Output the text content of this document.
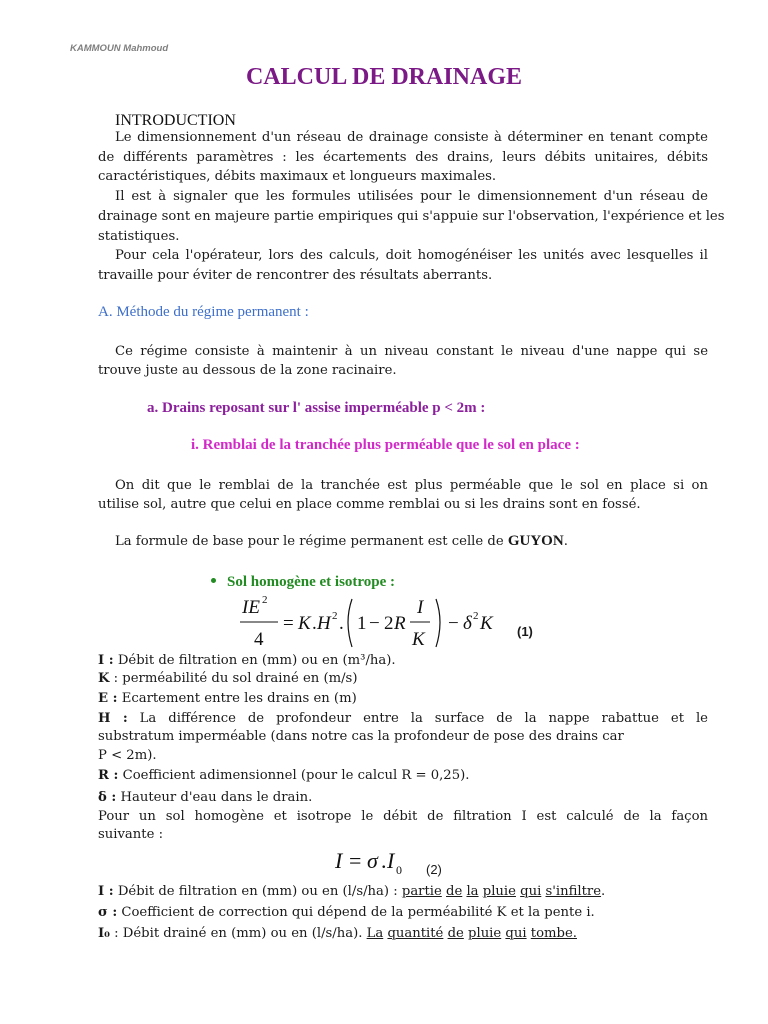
KAMMOUN Mahmoud
CALCUL DE DRAINAGE
INTRODUCTION
Le dimensionnement d'un réseau de drainage consiste à déterminer en tenant compte
de différents paramètres : les écartements des drains, leurs débits unitaires, débits
caractéristiques, débits maximaux et longueurs maximales.
Il est à signaler que les formules utilisées pour le dimensionnement d'un réseau de
drainage sont en majeure partie empiriques qui s'appuie sur l'observation, l'expérience et les
statistiques.
Pour cela l'opérateur, lors des calculs, doit homogénéiser les unités avec lesquelles il
travaille pour éviter de rencontrer des résultats aberrants.
A. Méthode du régime permanent :
Ce régime consiste à maintenir à un niveau constant le niveau d'une nappe qui se
trouve juste au dessous de la zone racinaire.
a. Drains reposant sur l' assise imperméable p < 2m :
i. Remblai de la tranchée plus perméable que le sol en place :
On dit que le remblai de la tranchée est plus perméable que le sol en place si on
utilise sol, autre que celui en place comme remblai ou si les drains sont en fossé.
La formule de base pour le régime permanent est celle de GUYON.
Sol homogène et isotrope :
IE 2
4
= K . H 2 . 1 − 2 R
I
K
− δ 2 K (1)
I : Débit de filtration en (mm) ou en (m³/ha).
K : perméabilité du sol drainé en (m/s)
E : Ecartement entre les drains en (m)
H : La différence de profondeur entre la surface de la nappe rabattue et le
substratum imperméable (dans notre cas la profondeur de pose des drains car
P < 2m).
R : Coefficient adimensionnel (pour le calcul R = 0,25).
δ : Hauteur d'eau dans le drain.
Pour un sol homogène et isotrope le débit de filtration I est calculé de la façon
suivante :
I = σ . I 0 (2)
I : Débit de filtration en (mm) ou en (l/s/ha) : partie de la pluie qui s'infiltre.
σ : Coefficient de correction qui dépend de la perméabilité K et la pente i.
I₀ : Débit drainé en (mm) ou en (l/s/ha). La quantité de pluie qui tombe.
